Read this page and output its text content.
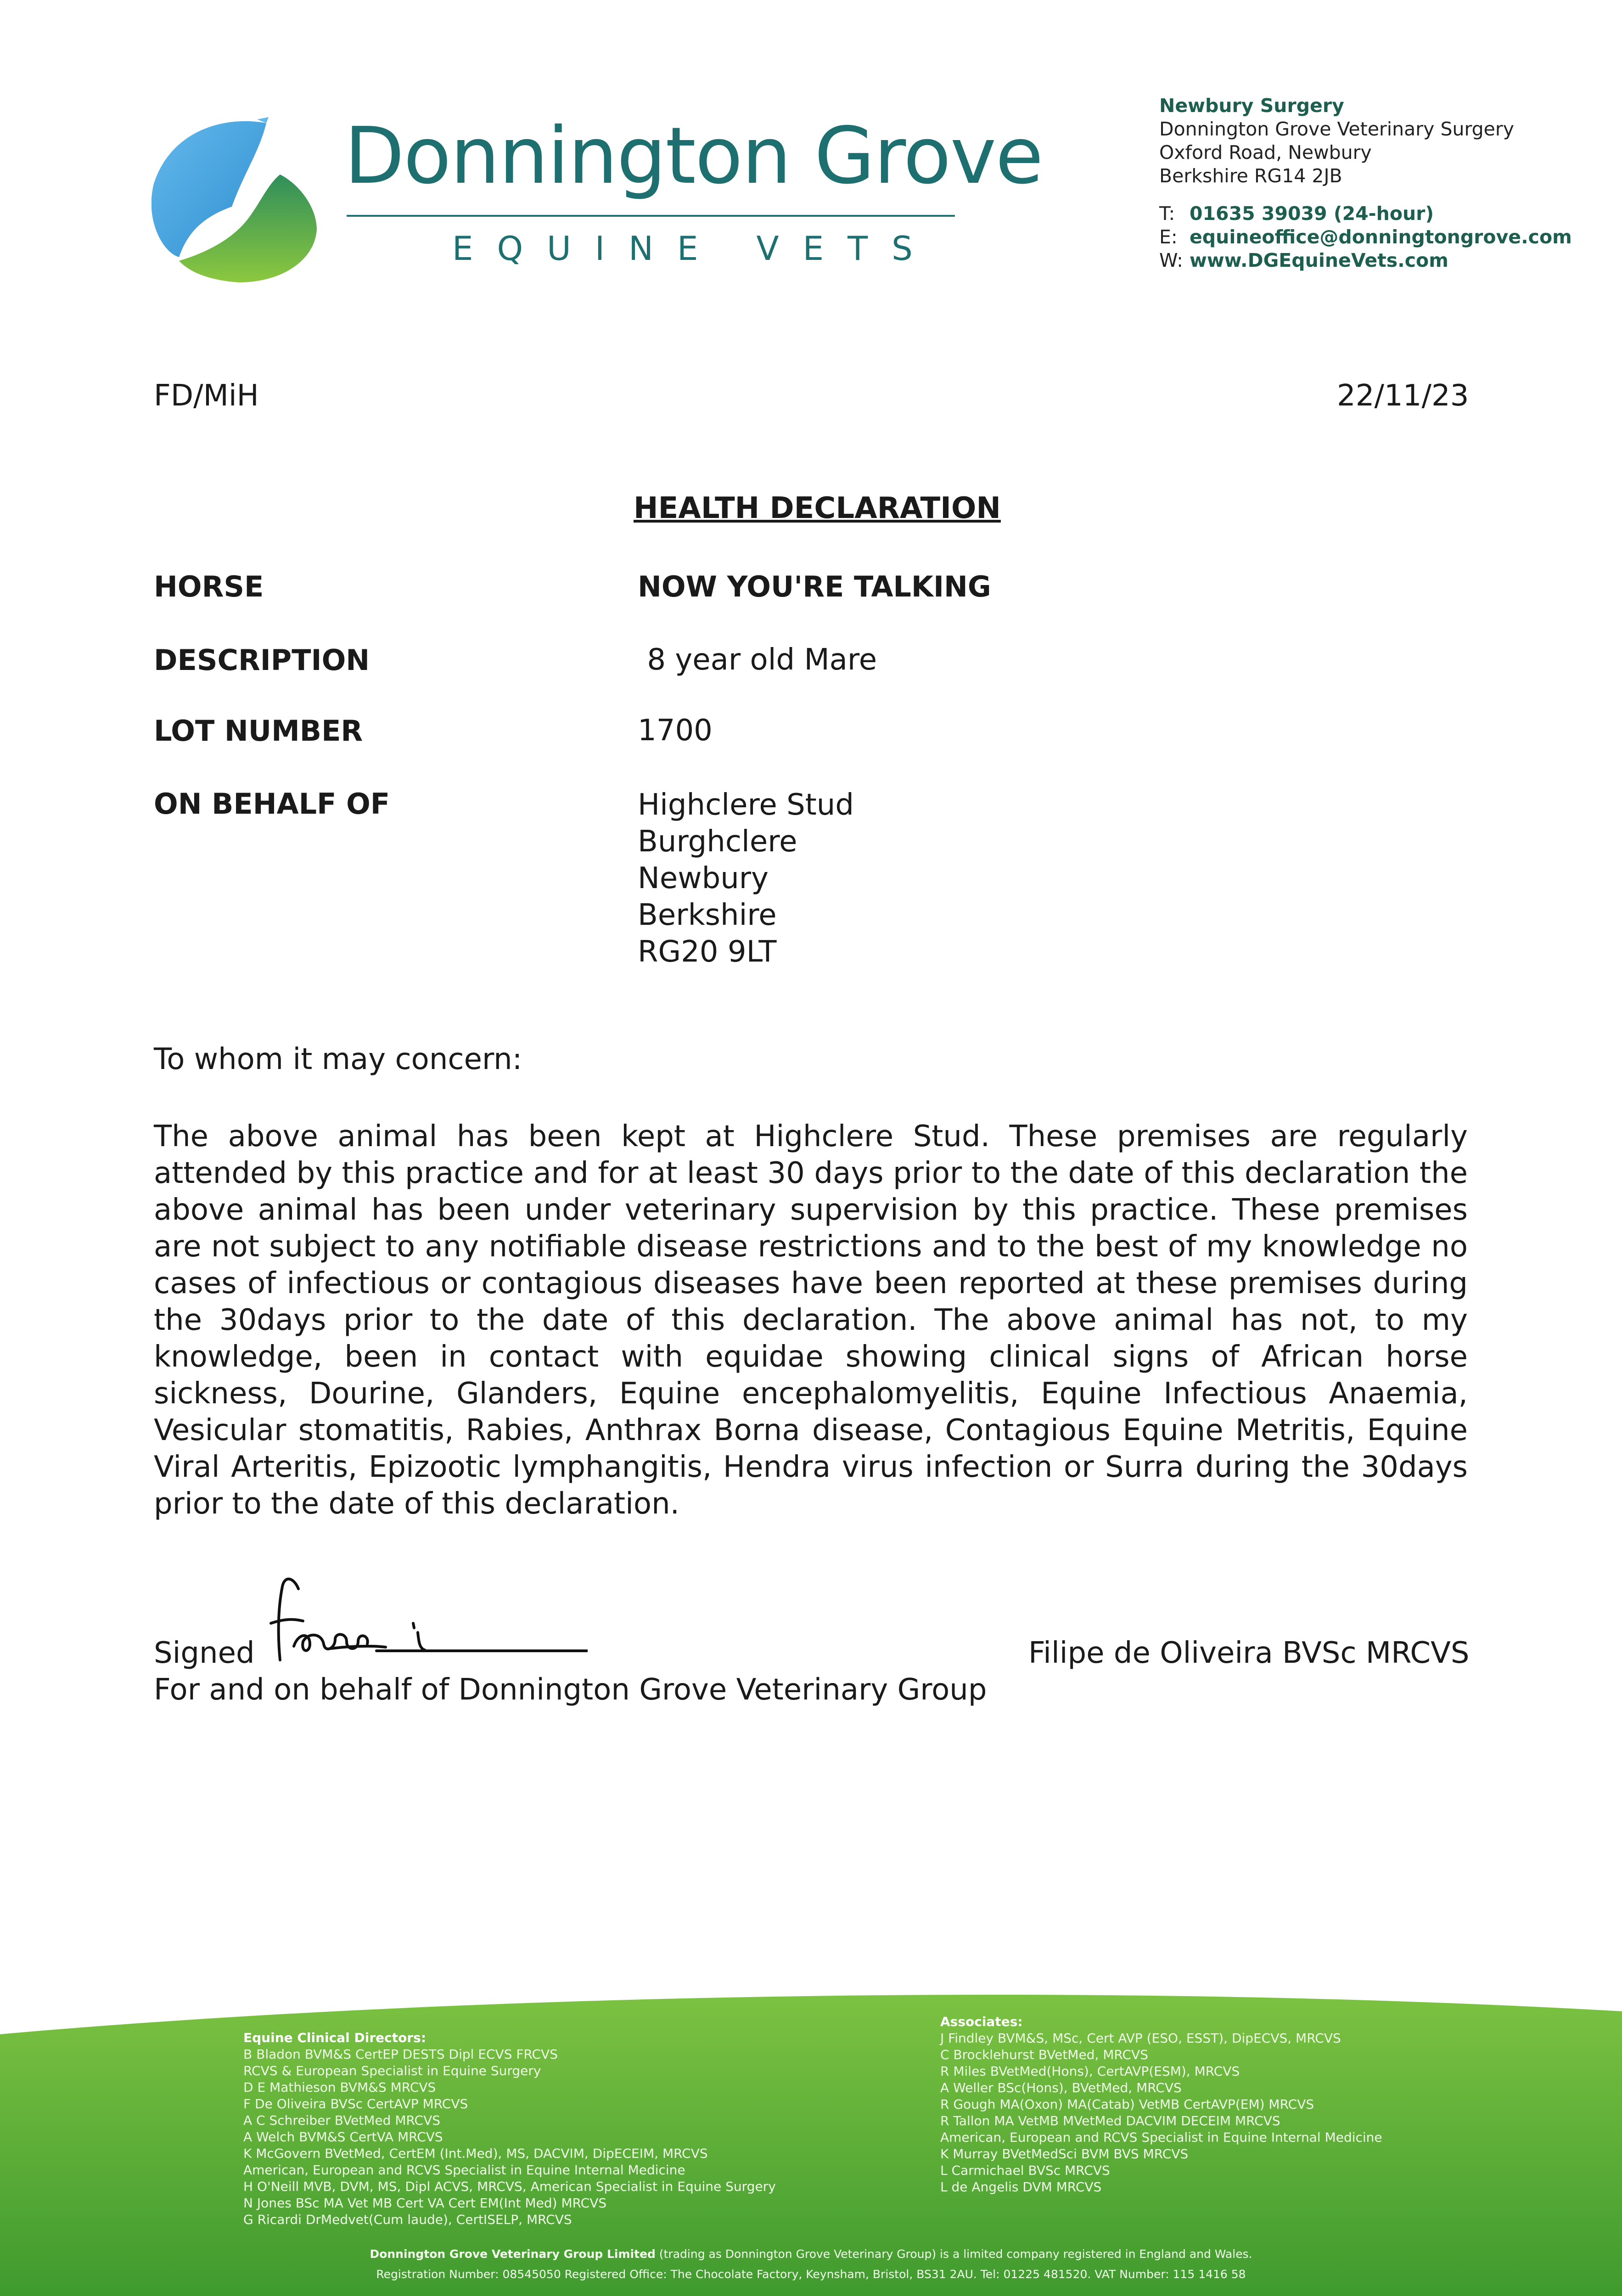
Donnington Grove
EQUINE VETS
Newbury Surgery
Donnington Grove Veterinary Surgery
Oxford Road, Newbury
Berkshire RG14 2JB
T: 01635 39039 (24-hour)
E: equineoffice@donningtongrove.com
W: www.DGEquineVets.com
FD/MiH	22/11/23
HEALTH DECLARATION
HORSE	NOW YOU'RE TALKING
DESCRIPTION	8 year old Mare
LOT NUMBER	1700
ON BEHALF OF	Highclere Stud
Burghclere
Newbury
Berkshire
RG20 9LT
To whom it may concern:
The above animal has been kept at Highclere Stud. These premises are regularly attended by this practice and for at least 30 days prior to the date of this declaration the above animal has been under veterinary supervision by this practice. These premises are not subject to any notifiable disease restrictions and to the best of my knowledge no cases of infectious or contagious diseases have been reported at these premises during the 30days prior to the date of this declaration. The above animal has not, to my knowledge, been in contact with equidae showing clinical signs of African horse sickness, Dourine, Glanders, Equine encephalomyelitis, Equine Infectious Anaemia, Vesicular stomatitis, Rabies, Anthrax Borna disease, Contagious Equine Metritis, Equine Viral Arteritis, Epizootic lymphangitis, Hendra virus infection or Surra during the 30days prior to the date of this declaration.
Signed	Filipe de Oliveira BVSc MRCVS
For and on behalf of Donnington Grove Veterinary Group
Equine Clinical Directors:
B Bladon BVM&S CertEP DESTS Dipl ECVS FRCVS
RCVS & European Specialist in Equine Surgery
D E Mathieson BVM&S MRCVS
F De Oliveira BVSc CertAVP MRCVS
A C Schreiber BVetMed MRCVS
A Welch BVM&S CertVA MRCVS
K McGovern BVetMed, CertEM (Int.Med), MS, DACVIM, DipECEIM, MRCVS
American, European and RCVS Specialist in Equine Internal Medicine
H O'Neill MVB, DVM, MS, Dipl ACVS, MRCVS, American Specialist in Equine Surgery
N Jones BSc MA Vet MB Cert VA Cert EM(Int Med) MRCVS
G Ricardi DrMedvet(Cum laude), CertISELP, MRCVS
Associates:
J Findley BVM&S, MSc, Cert AVP (ESO, ESST), DipECVS, MRCVS
C Brocklehurst BVetMed, MRCVS
R Miles BVetMed(Hons), CertAVP(ESM), MRCVS
A Weller BSc(Hons), BVetMed, MRCVS
R Gough MA(Oxon) MA(Catab) VetMB CertAVP(EM) MRCVS
R Tallon MA VetMB MVetMed DACVIM DECEIM MRCVS
American, European and RCVS Specialist in Equine Internal Medicine
K Murray BVetMedSci BVM BVS MRCVS
L Carmichael BVSc MRCVS
L de Angelis DVM MRCVS
Donnington Grove Veterinary Group Limited (trading as Donnington Grove Veterinary Group) is a limited company registered in England and Wales.
Registration Number: 08545050 Registered Office: The Chocolate Factory, Keynsham, Bristol, BS31 2AU. Tel: 01225 481520. VAT Number: 115 1416 58
